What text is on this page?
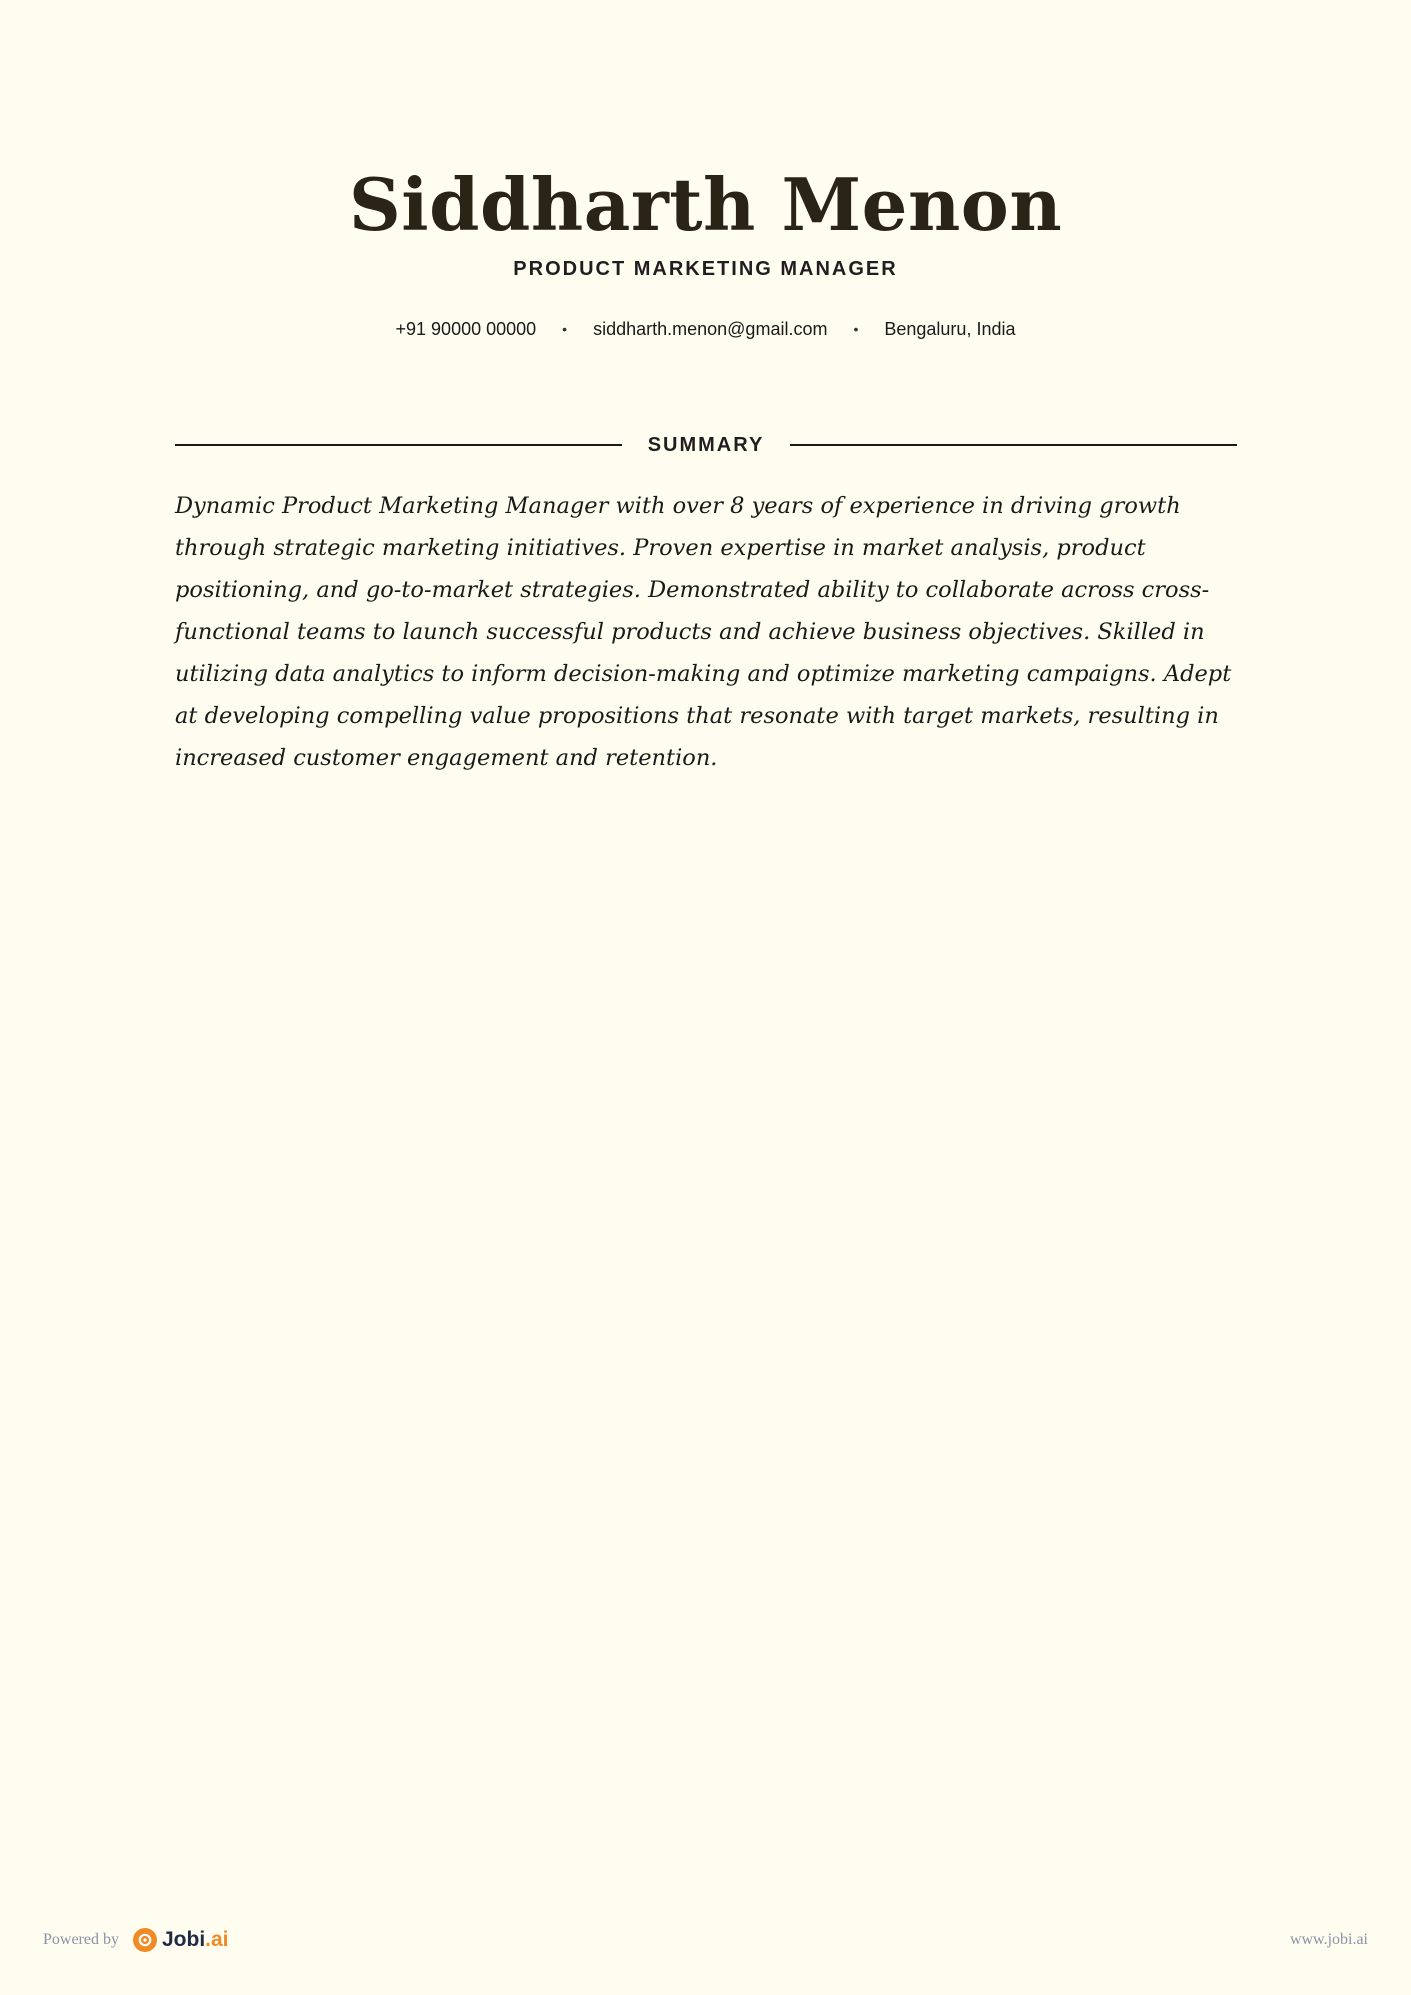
Siddharth Menon
PRODUCT MARKETING MANAGER
+91 90000 00000 • siddharth.menon@gmail.com • Bengaluru, India
SUMMARY

Dynamic Product Marketing Manager with over 8 years of experience in driving growth through strategic marketing initiatives. Proven expertise in market analysis, product positioning, and go-to-market strategies. Demonstrated ability to collaborate across cross-functional teams to launch successful products and achieve business objectives. Skilled in utilizing data analytics to inform decision-making and optimize marketing campaigns. Adept at developing compelling value propositions that resonate with target markets, resulting in increased customer engagement and retention.

Powered by Jobi.ai	www.jobi.ai
